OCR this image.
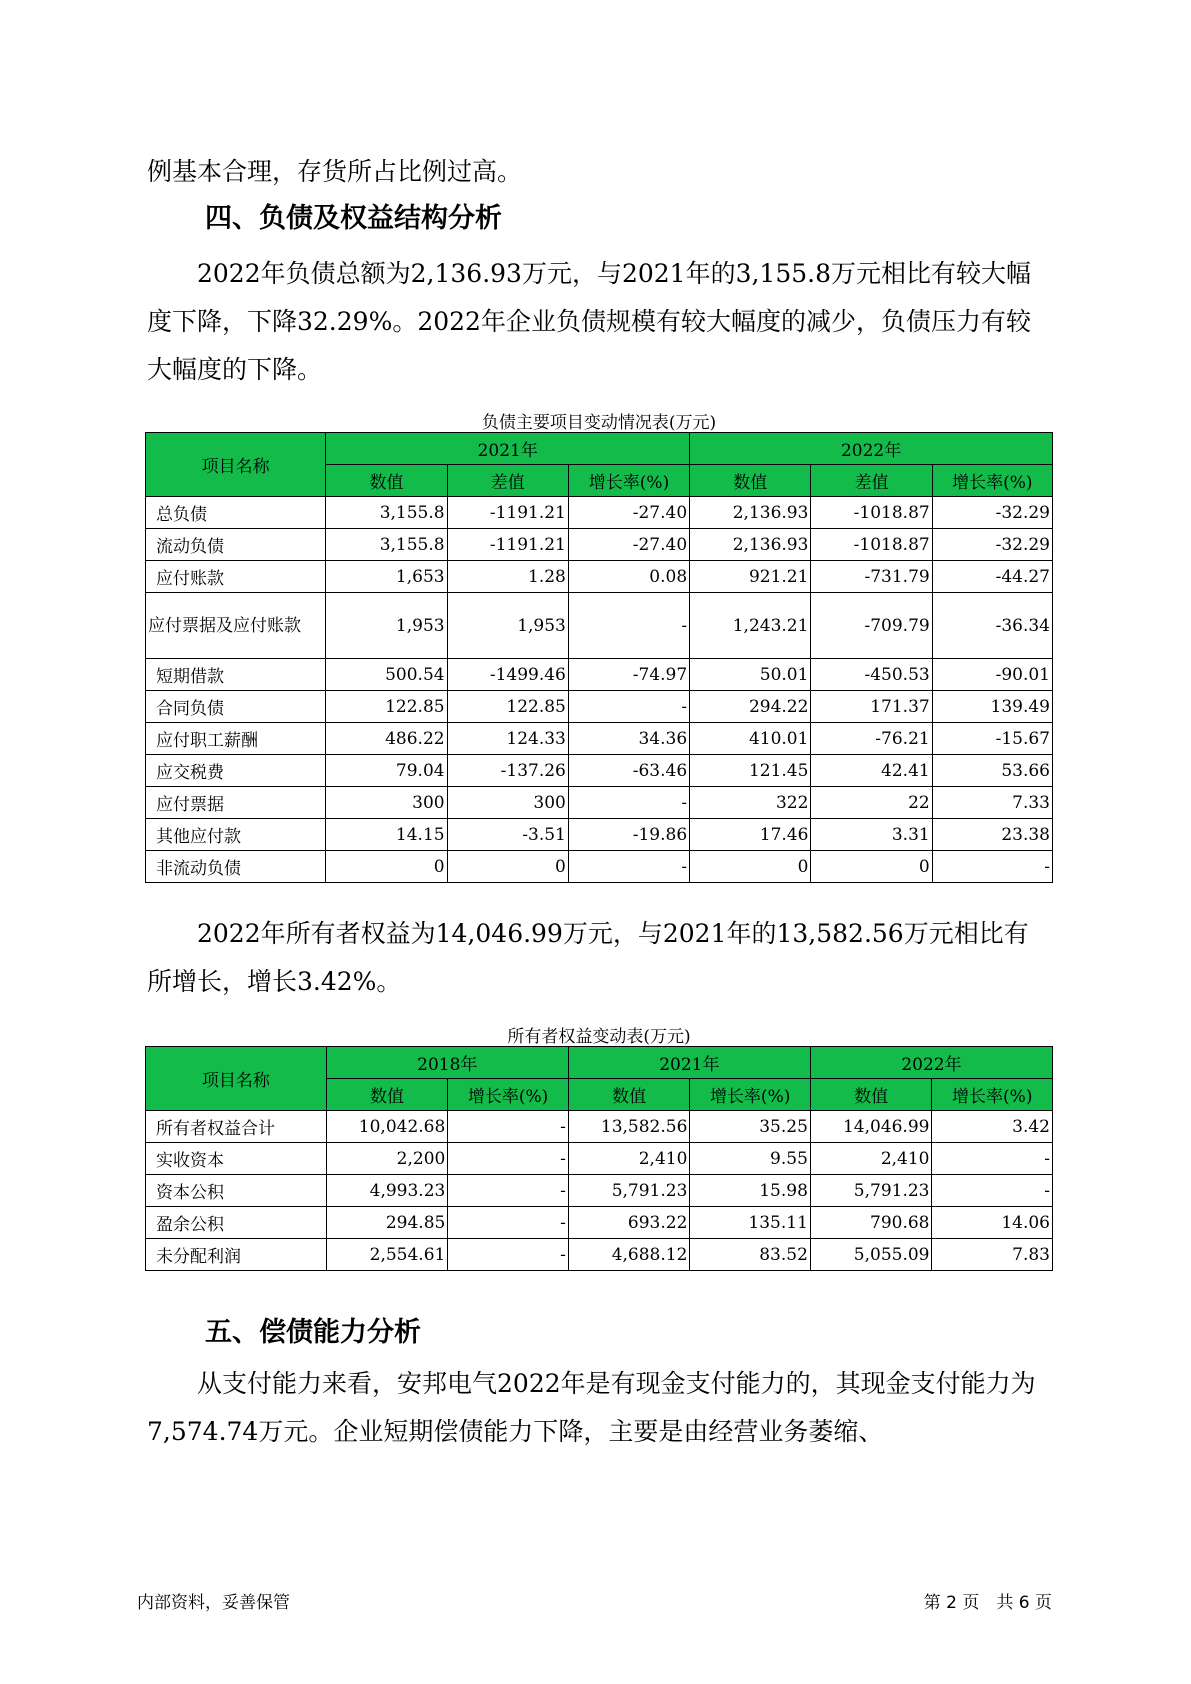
例基本合理，存货所占比例过高。

四、负债及权益结构分析

2022年负债总额为2,136.93万元，与2021年的3,155.8万元相比有较大幅度下降，下降32.29%。2022年企业负债规模有较大幅度的减少，负债压力有较大幅度的下降。

负债主要项目变动情况表(万元)
项目名称	2021年			2022年		
	数值	差值	增长率(%)	数值	差值	增长率(%)
总负债	3,155.8	-1191.21	-27.40	2,136.93	-1018.87	-32.29
流动负债	3,155.8	-1191.21	-27.40	2,136.93	-1018.87	-32.29
应付账款	1,653	1.28	0.08	921.21	-731.79	-44.27
应付票据及应付账款	1,953	1,953	-	1,243.21	-709.79	-36.34
短期借款	500.54	-1499.46	-74.97	50.01	-450.53	-90.01
合同负债	122.85	122.85	-	294.22	171.37	139.49
应付职工薪酬	486.22	124.33	34.36	410.01	-76.21	-15.67
应交税费	79.04	-137.26	-63.46	121.45	42.41	53.66
应付票据	300	300	-	322	22	7.33
其他应付款	14.15	-3.51	-19.86	17.46	3.31	23.38
非流动负债	0	0	-	0	0	-

2022年所有者权益为14,046.99万元，与2021年的13,582.56万元相比有所增长，增长3.42%。

所有者权益变动表(万元)
项目名称	2018年		2021年		2022年	
	数值	增长率(%)	数值	增长率(%)	数值	增长率(%)
所有者权益合计	10,042.68	-	13,582.56	35.25	14,046.99	3.42
实收资本	2,200	-	2,410	9.55	2,410	-
资本公积	4,993.23	-	5,791.23	15.98	5,791.23	-
盈余公积	294.85	-	693.22	135.11	790.68	14.06
未分配利润	2,554.61	-	4,688.12	83.52	5,055.09	7.83
五、偿债能力分析

从支付能力来看，安邦电气2022年是有现金支付能力的，其现金支付能力为7,574.74万元。企业短期偿债能力下降，主要是由经营业务萎缩、

内部资料，妥善保管	第 2 页　共 6 页
